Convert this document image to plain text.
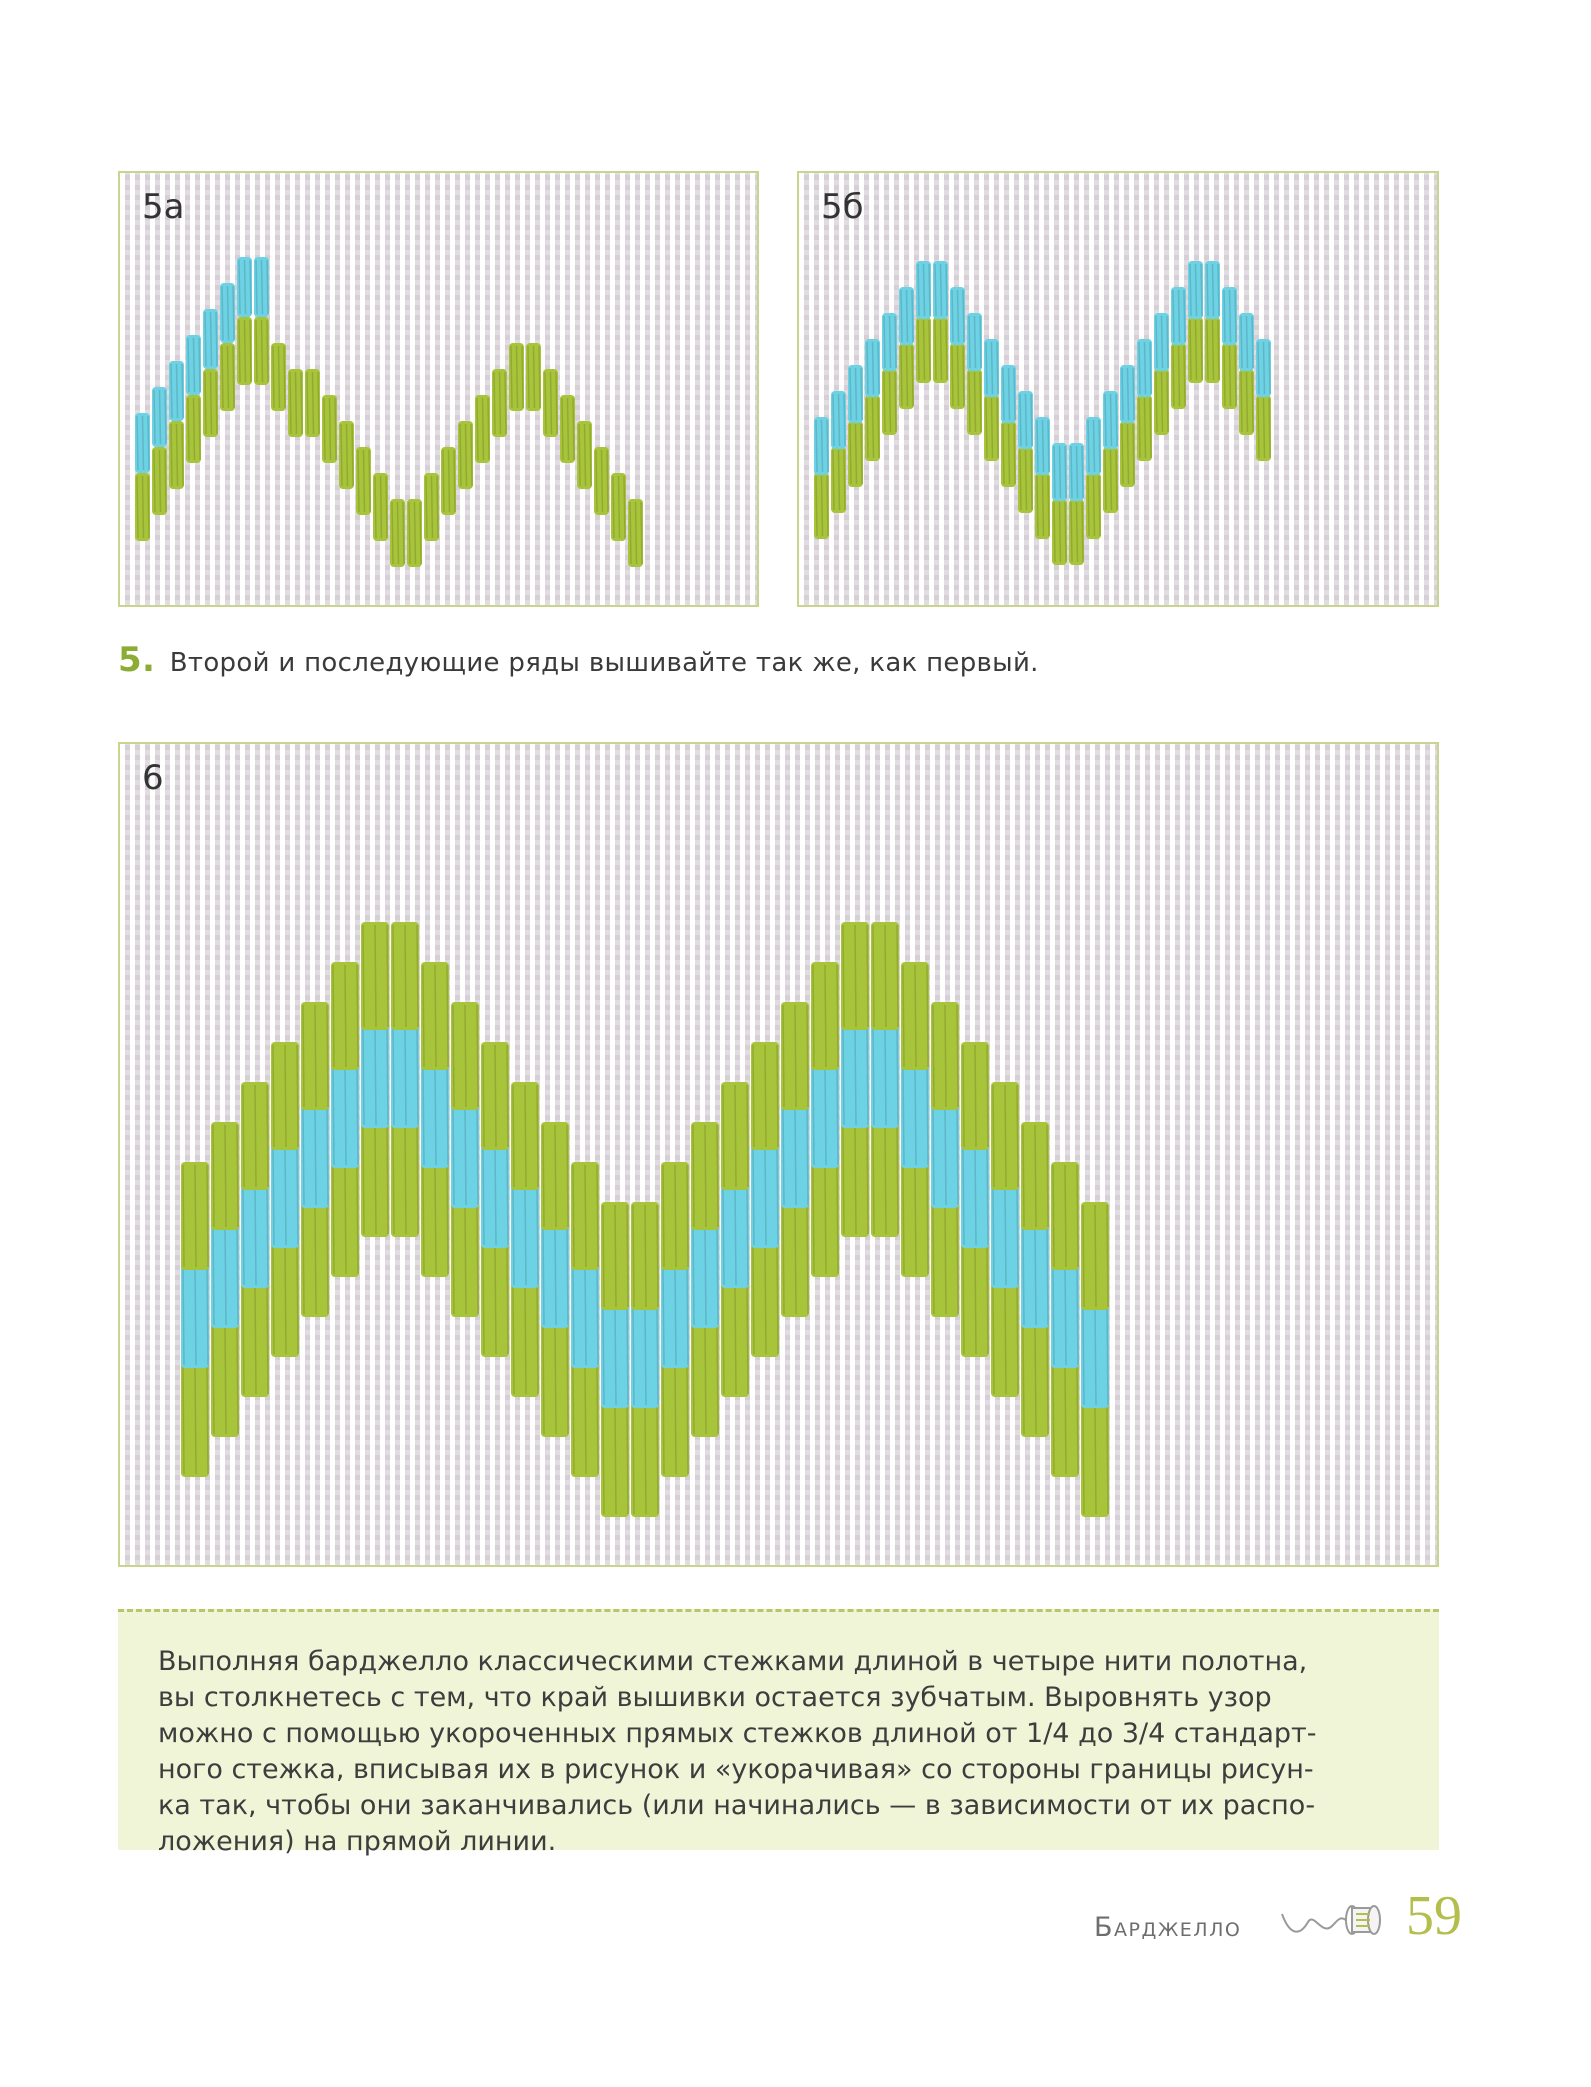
5а	5б
5. Второй и последующие ряды вышивайте так же, как первый.
6

Выполняя барджелло классическими стежками длиной в четыре нити полотна,
вы столкнетесь с тем, что край вышивки остается зубчатым. Выровнять узор
можно с помощью укороченных прямых стежков длиной от 1/4 до 3/4 стандарт-
ного стежка, вписывая их в рисунок и «укорачивая» со стороны границы рисун-
ка так, чтобы они заканчивались (или начинались — в зависимости от их распо-
ложения) на прямой линии.

Барджелло	59
